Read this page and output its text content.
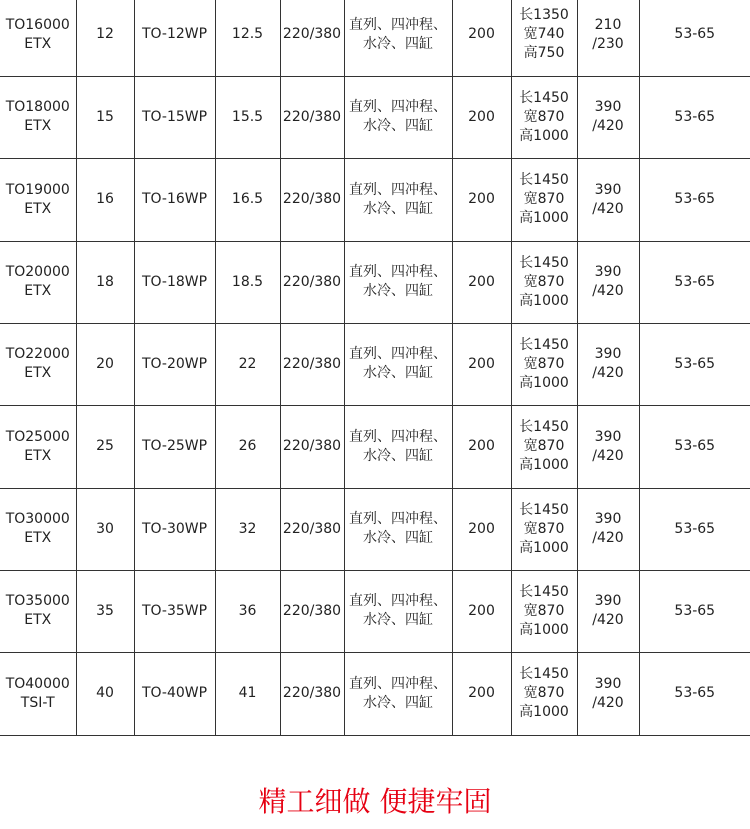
TO16000
ETX	12	TO-12WP	12.5	220/380	直列、四冲程、
水冷、四缸	200	长1350
宽740
高750	210
/230	53-65

TO18000
ETX	15	TO-15WP	15.5	220/380	直列、四冲程、
水冷、四缸	200	长1450
宽870
高1000	390
/420	53-65

TO19000
ETX	16	TO-16WP	16.5	220/380	直列、四冲程、
水冷、四缸	200	长1450
宽870
高1000	390
/420	53-65

TO20000
ETX	18	TO-18WP	18.5	220/380	直列、四冲程、
水冷、四缸	200	长1450
宽870
高1000	390
/420	53-65

TO22000
ETX	20	TO-20WP	22	220/380	直列、四冲程、
水冷、四缸	200	长1450
宽870
高1000	390
/420	53-65

TO25000
ETX	25	TO-25WP	26	220/380	直列、四冲程、
水冷、四缸	200	长1450
宽870
高1000	390
/420	53-65

TO30000
ETX	30	TO-30WP	32	220/380	直列、四冲程、
水冷、四缸	200	长1450
宽870
高1000	390
/420	53-65

TO35000
ETX	35	TO-35WP	36	220/380	直列、四冲程、
水冷、四缸	200	长1450
宽870
高1000	390
/420	53-65

TO40000
TSI-T	40	TO-40WP	41	220/380	直列、四冲程、
水冷、四缸	200	长1450
宽870
高1000	390
/420	53-65
精工细做 便捷牢固
